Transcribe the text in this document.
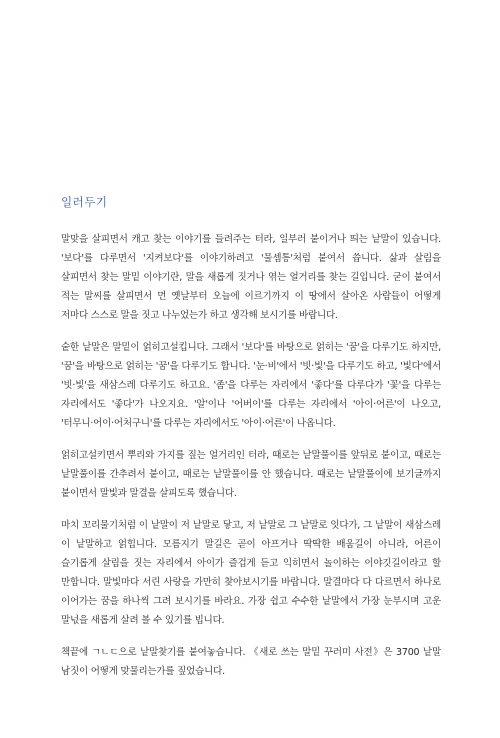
일러두기

말맞을 살피면서 캐고 찾는 이야기를 들려주는 터라, 일부러 붙이거나 띄는 낱말이 있습니다. '보다'를 다루면서 '지켜보다'를 이야기하려고 '물셈통'처럼 붙여서 씁니다. 삶과 살림을 살피면서 찾는 말밑 이야기란, 말을 새롭게 짓거나 엮는 얼거리를 찾는 길입니다. 굳이 붙여서 적는 말씨를 살피면서 먼 옛날부터 오늘에 이르기까지 이 땅에서 살아온 사람들이 어떻게 저마다 스스로 말을 짓고 나누었는가 하고 생각해 보시기를 바랍니다.

숱한 낱말은 말밑이 얽히고설킵니다. 그래서 '보다'를 바탕으로 얽히는 '꿈'을 다루기도 하지만, '꿈'을 바탕으로 얽히는 '꿈'을 다루기도 합니다. '눈·비'에서 '빗·빛'을 다루기도 하고, '빛다'에서 '빗·빛'을 새삼스레 다루기도 하고요. '좀'을 다루는 자리에서 '좋다'를 다루다가 '꽃'을 다루는 자리에서도 '좋다'가 나오지요. '알'이나 '어버이'를 다루는 자리에서 '아이·어른'이 나오고, '터무니·어이·어처구니'를 다루는 자리에서도 '아이·어른'이 나옵니다.

얽히고설키면서 뿌리와 가지를 짚는 얼거리인 터라, 때로는 낱말풀이를 앞뒤로 붙이고, 때로는 낱말풀이를 간추려서 붙이고, 때로는 낱말풀이를 안 했습니다. 때로는 낱말풀이에 보기글까지 붙이면서 말빛과 말결을 살피도록 했습니다.

마치 꼬리물기처럼 이 낱말이 저 낱말로 닿고, 저 낱말로 그 낱말로 잇다가, 그 낱말이 새삼스레 이 낱말하고 얽힙니다. 모름지기 말길은 곧이 아프거나 딱딱한 배움길이 아니라, 어른이 슬기롭게 살림을 짓는 자리에서 아이가 즐겁게 듣고 익히면서 놀이하는 이야깃길이라고 할 만합니다. 말빛마다 서린 사랑을 가만히 찾아보시기를 바랍니다. 말결마다 다 다르면서 하나로 이어가는 꿈을 하나씩 그려 보시기를 바라요. 가장 쉽고 수수한 낱말에서 가장 눈부시며 고운 말넋을 새롭게 살려 볼 수 있기를 빕니다.

책끝에 ㄱㄴㄷ으로 낱말찾기를 붙여놓습니다. 《새로 쓰는 말밑 꾸러미 사전》은 3700 낱말 남짓이 어떻게 맞물리는가를 짚었습니다.
